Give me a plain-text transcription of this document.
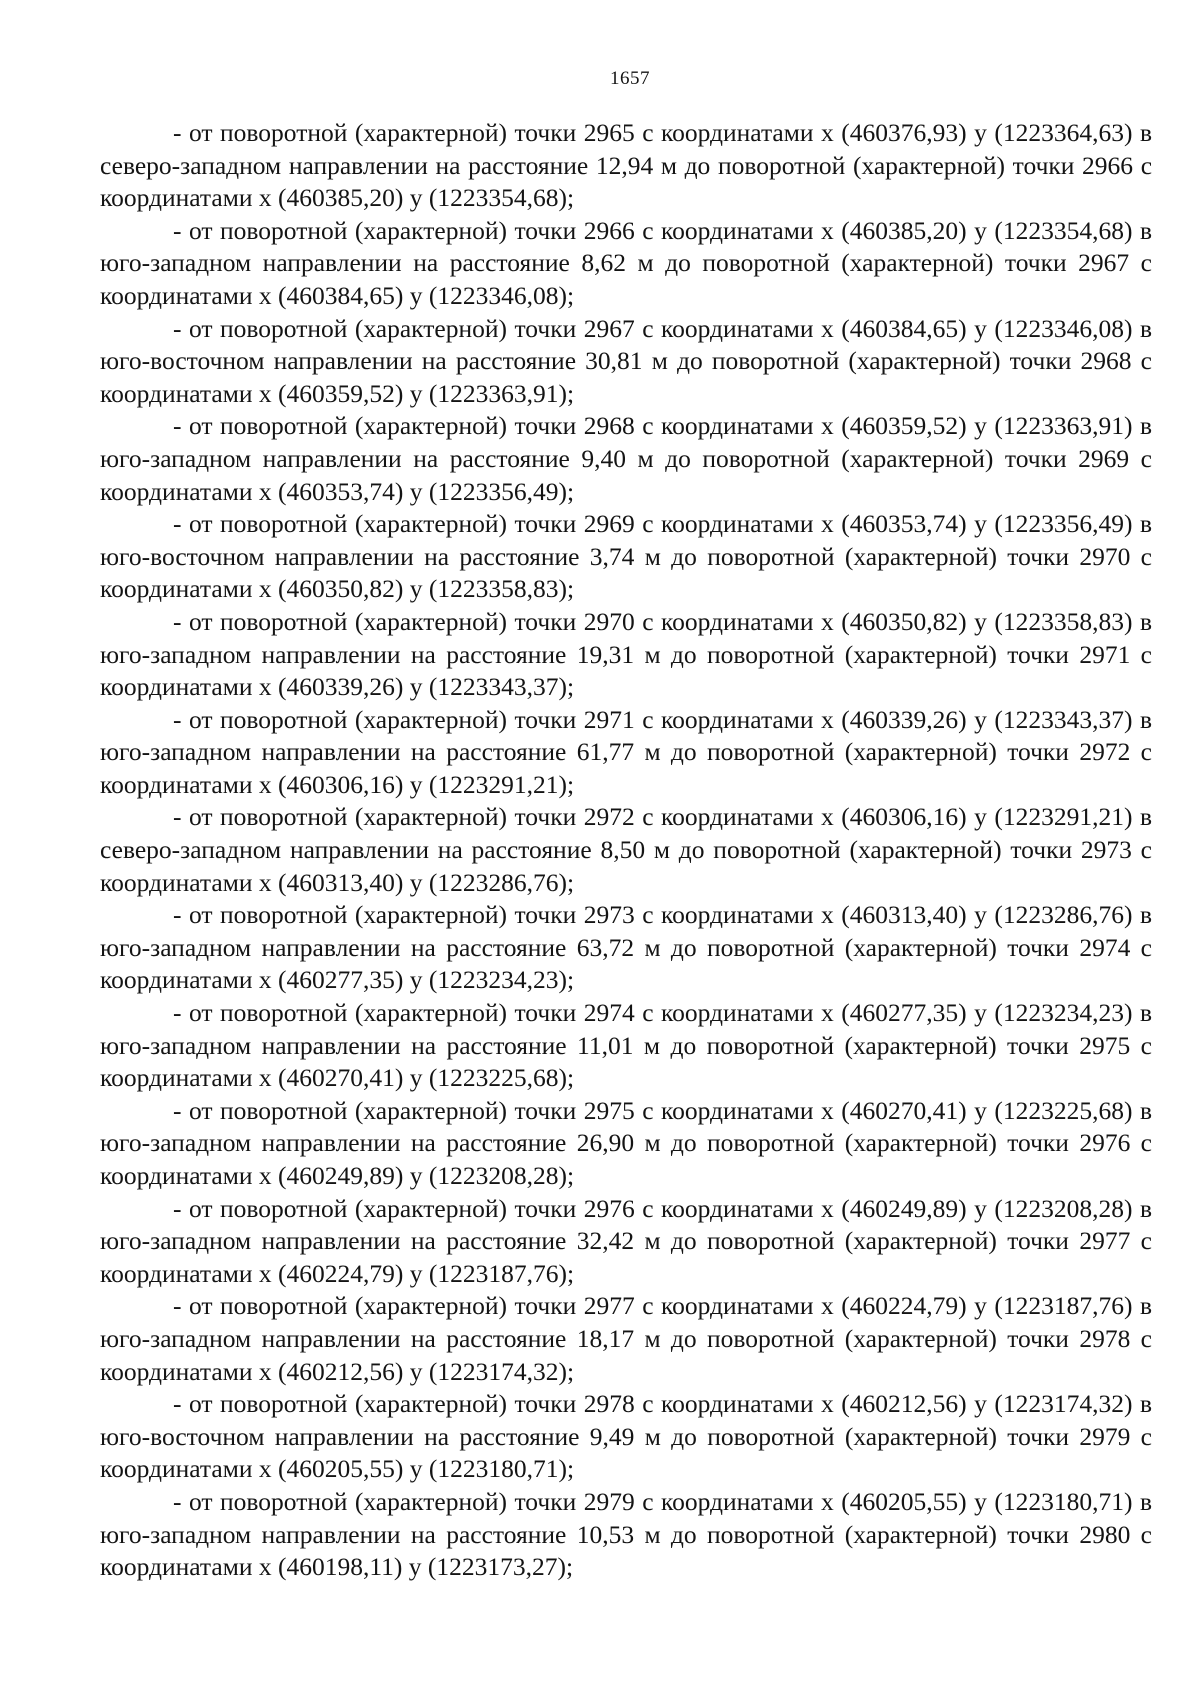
1657

- от поворотной (характерной) точки 2965 с координатами х (460376,93) у (1223364,63) в северо-западном направлении на расстояние 12,94 м до поворотной (характерной) точки 2966 с координатами х (460385,20) у (1223354,68);

- от поворотной (характерной) точки 2966 с координатами х (460385,20) у (1223354,68) в юго-западном направлении на расстояние 8,62 м до поворотной (характерной) точки 2967 с координатами х (460384,65) у (1223346,08);

- от поворотной (характерной) точки 2967 с координатами х (460384,65) у (1223346,08) в юго-восточном направлении на расстояние 30,81 м до поворотной (характерной) точки 2968 с координатами х (460359,52) у (1223363,91);

- от поворотной (характерной) точки 2968 с координатами х (460359,52) у (1223363,91) в юго-западном направлении на расстояние 9,40 м до поворотной (характерной) точки 2969 с координатами х (460353,74) у (1223356,49);

- от поворотной (характерной) точки 2969 с координатами х (460353,74) у (1223356,49) в юго-восточном направлении на расстояние 3,74 м до поворотной (характерной) точки 2970 с координатами х (460350,82) у (1223358,83);

- от поворотной (характерной) точки 2970 с координатами х (460350,82) у (1223358,83) в юго-западном направлении на расстояние 19,31 м до поворотной (характерной) точки 2971 с координатами х (460339,26) у (1223343,37);

- от поворотной (характерной) точки 2971 с координатами х (460339,26) у (1223343,37) в юго-западном направлении на расстояние 61,77 м до поворотной (характерной) точки 2972 с координатами х (460306,16) у (1223291,21);

- от поворотной (характерной) точки 2972 с координатами х (460306,16) у (1223291,21) в северо-западном направлении на расстояние 8,50 м до поворотной (характерной) точки 2973 с координатами х (460313,40) у (1223286,76);

- от поворотной (характерной) точки 2973 с координатами х (460313,40) у (1223286,76) в юго-западном направлении на расстояние 63,72 м до поворотной (характерной) точки 2974 с координатами х (460277,35) у (1223234,23);

- от поворотной (характерной) точки 2974 с координатами х (460277,35) у (1223234,23) в юго-западном направлении на расстояние 11,01 м до поворотной (характерной) точки 2975 с координатами х (460270,41) у (1223225,68);

- от поворотной (характерной) точки 2975 с координатами х (460270,41) у (1223225,68) в юго-западном направлении на расстояние 26,90 м до поворотной (характерной) точки 2976 с координатами х (460249,89) у (1223208,28);

- от поворотной (характерной) точки 2976 с координатами х (460249,89) у (1223208,28) в юго-западном направлении на расстояние 32,42 м до поворотной (характерной) точки 2977 с координатами х (460224,79) у (1223187,76);

- от поворотной (характерной) точки 2977 с координатами х (460224,79) у (1223187,76) в юго-западном направлении на расстояние 18,17 м до поворотной (характерной) точки 2978 с координатами х (460212,56) у (1223174,32);

- от поворотной (характерной) точки 2978 с координатами х (460212,56) у (1223174,32) в юго-восточном направлении на расстояние 9,49 м до поворотной (характерной) точки 2979 с координатами х (460205,55) у (1223180,71);

- от поворотной (характерной) точки 2979 с координатами х (460205,55) у (1223180,71) в юго-западном направлении на расстояние 10,53 м до поворотной (характерной) точки 2980 с координатами х (460198,11) у (1223173,27);
